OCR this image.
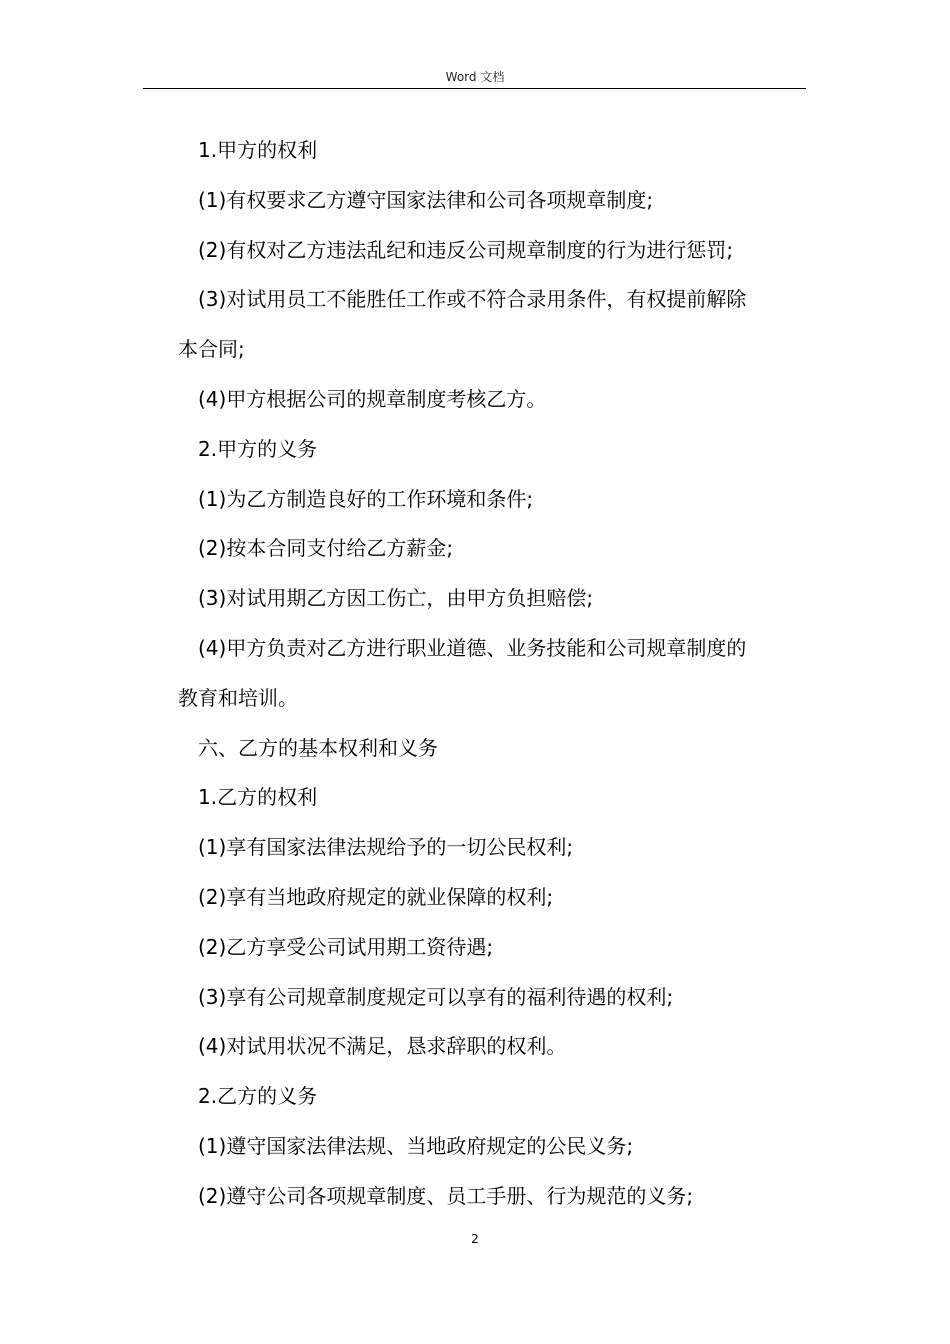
Word 文档

1.甲方的权利

(1)有权要求乙方遵守国家法律和公司各项规章制度;

(2)有权对乙方违法乱纪和违反公司规章制度的行为进行惩罚;

(3)对试用员工不能胜任工作或不符合录用条件，有权提前解除

本合同;

(4)甲方根据公司的规章制度考核乙方。

2.甲方的义务

(1)为乙方制造良好的工作环境和条件;

(2)按本合同支付给乙方薪金;

(3)对试用期乙方因工伤亡，由甲方负担赔偿;

(4)甲方负责对乙方进行职业道德、业务技能和公司规章制度的

教育和培训。

六、乙方的基本权利和义务

1.乙方的权利

(1)享有国家法律法规给予的一切公民权利;

(2)享有当地政府规定的就业保障的权利;

(2)乙方享受公司试用期工资待遇;

(3)享有公司规章制度规定可以享有的福利待遇的权利;

(4)对试用状况不满足，恳求辞职的权利。

2.乙方的义务

(1)遵守国家法律法规、当地政府规定的公民义务;

(2)遵守公司各项规章制度、员工手册、行为规范的义务;

2
